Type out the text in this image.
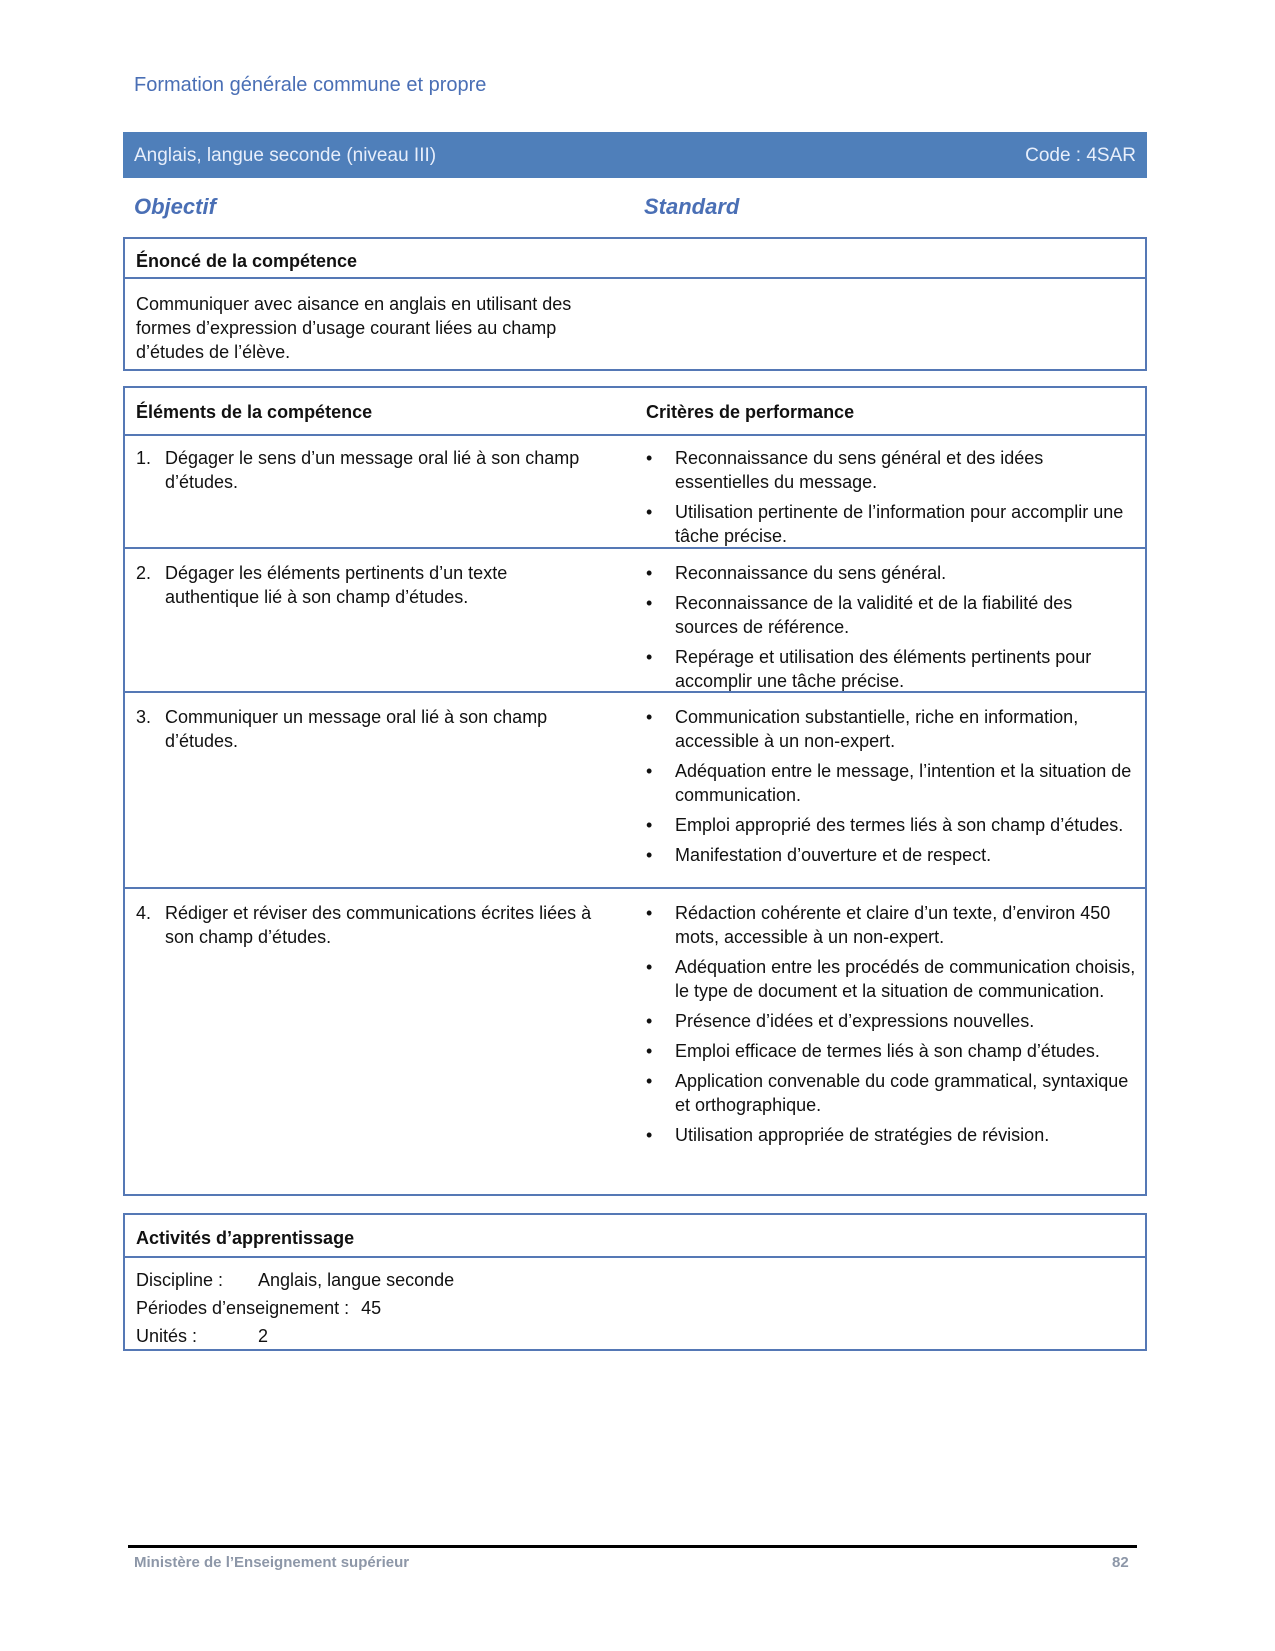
Formation générale commune et propre
Anglais, langue seconde (niveau III)	Code : 4SAR
Objectif	Standard
Énoncé de la compétence
Communiquer avec aisance en anglais en utilisant des formes d’expression d’usage courant liées au champ d’études de l’élève.
Éléments de la compétence	Critères de performance
1. Dégager le sens d’un message oral lié à son champ d’études.
• Reconnaissance du sens général et des idées essentielles du message.
• Utilisation pertinente de l’information pour accomplir une tâche précise.
2. Dégager les éléments pertinents d’un texte authentique lié à son champ d’études.
• Reconnaissance du sens général.
• Reconnaissance de la validité et de la fiabilité des sources de référence.
• Repérage et utilisation des éléments pertinents pour accomplir une tâche précise.
3. Communiquer un message oral lié à son champ d’études.
• Communication substantielle, riche en information, accessible à un non-expert.
• Adéquation entre le message, l’intention et la situation de communication.
• Emploi approprié des termes liés à son champ d’études.
• Manifestation d’ouverture et de respect.
4. Rédiger et réviser des communications écrites liées à son champ d’études.
• Rédaction cohérente et claire d’un texte, d’environ 450 mots, accessible à un non-expert.
• Adéquation entre les procédés de communication choisis, le type de document et la situation de communication.
• Présence d’idées et d’expressions nouvelles.
• Emploi efficace de termes liés à son champ d’études.
• Application convenable du code grammatical, syntaxique et orthographique.
• Utilisation appropriée de stratégies de révision.
Activités d’apprentissage
Discipline : Anglais, langue seconde
Périodes d’enseignement : 45
Unités :	2
Ministère de l’Enseignement supérieur	82
